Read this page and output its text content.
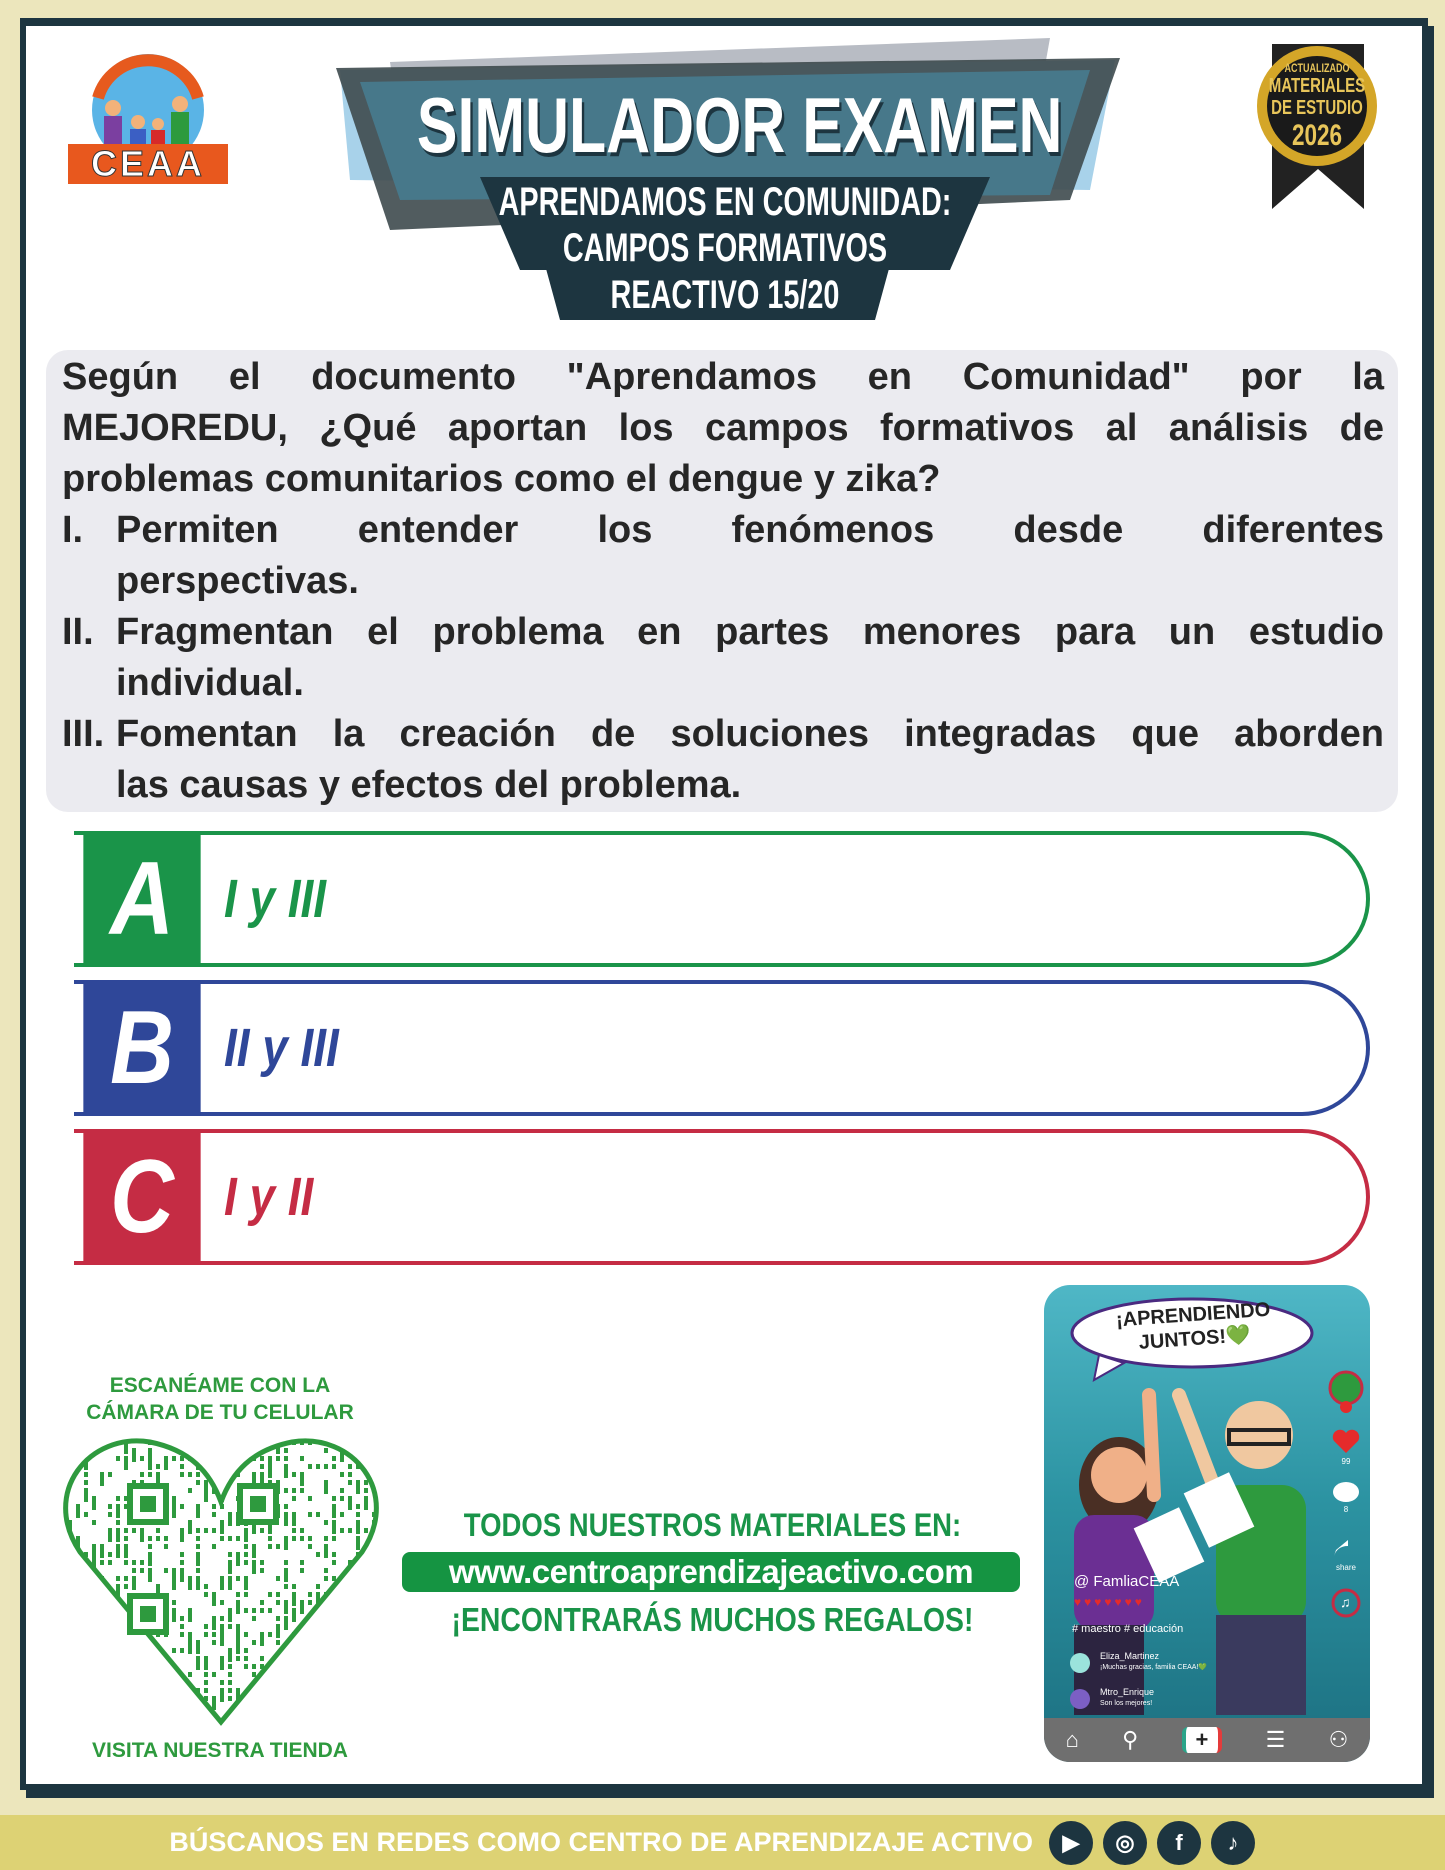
CEAA	SIMULADOR EXAMEN
APRENDAMOS EN COMUNIDAD:
CAMPOS FORMATIVOS
REACTIVO 15/20
ACTUALIZADO
MATERIALES
DE ESTUDIO
2026
Según el documento "Aprendamos en Comunidad" por la
MEJOREDU, ¿Qué aportan los campos formativos al análisis de
problemas comunitarios como el dengue y zika?
I. Permiten entender los fenómenos desde diferentes
perspectivas.
II. Fragmentan el problema en partes menores para un estudio
individual.
III. Fomentan la creación de soluciones integradas que aborden
las causas y efectos del problema.
A I y III
B II y III
C I y II
ESCANÉAME CON LA
CÁMARA DE TU CELULAR
VISITA NUESTRA TIENDA
TODOS NUESTROS MATERIALES EN:
www.centroaprendizajeactivo.com
¡ENCONTRARÁS MUCHOS REGALOS!
¡APRENDIENDO
JUNTOS!💚
99
8
share
♫
@ FamliaCEAA
♥♥♥♥♥♥♥
# maestro # educación
Eliza_Martinez
¡Muchas gracias, familia CEAA!💚
Mtro_Enrique
Son los mejores!
⌂ ⚲	+	☰ ⚇
BÚSCANOS EN REDES COMO CENTRO DE APRENDIZAJE ACTIVO	▶	◎	f	♪
